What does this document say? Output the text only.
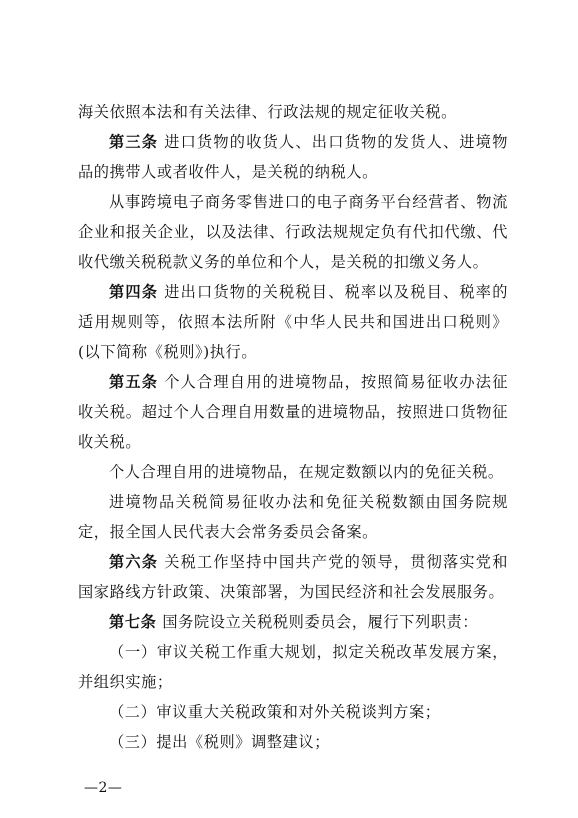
海关依照本法和有关法律、行政法规的规定征收关税。

第三条 进口货物的收货人、出口货物的发货人、进境物品的携带人或者收件人，是关税的纳税人。

从事跨境电子商务零售进口的电子商务平台经营者、物流企业和报关企业，以及法律、行政法规规定负有代扣代缴、代收代缴关税税款义务的单位和个人，是关税的扣缴义务人。

第四条 进出口货物的关税税目、税率以及税目、税率的适用规则等，依照本法所附《中华人民共和国进出口税则》(以下简称《税则》)执行。

第五条 个人合理自用的进境物品，按照简易征收办法征收关税。超过个人合理自用数量的进境物品，按照进口货物征收关税。

个人合理自用的进境物品，在规定数额以内的免征关税。

进境物品关税简易征收办法和免征关税数额由国务院规定，报全国人民代表大会常务委员会备案。

第六条 关税工作坚持中国共产党的领导，贯彻落实党和国家路线方针政策、决策部署，为国民经济和社会发展服务。

第七条 国务院设立关税税则委员会，履行下列职责：

（一）审议关税工作重大规划，拟定关税改革发展方案，并组织实施；

（二）审议重大关税政策和对外关税谈判方案；

（三）提出《税则》调整建议；

—2—
